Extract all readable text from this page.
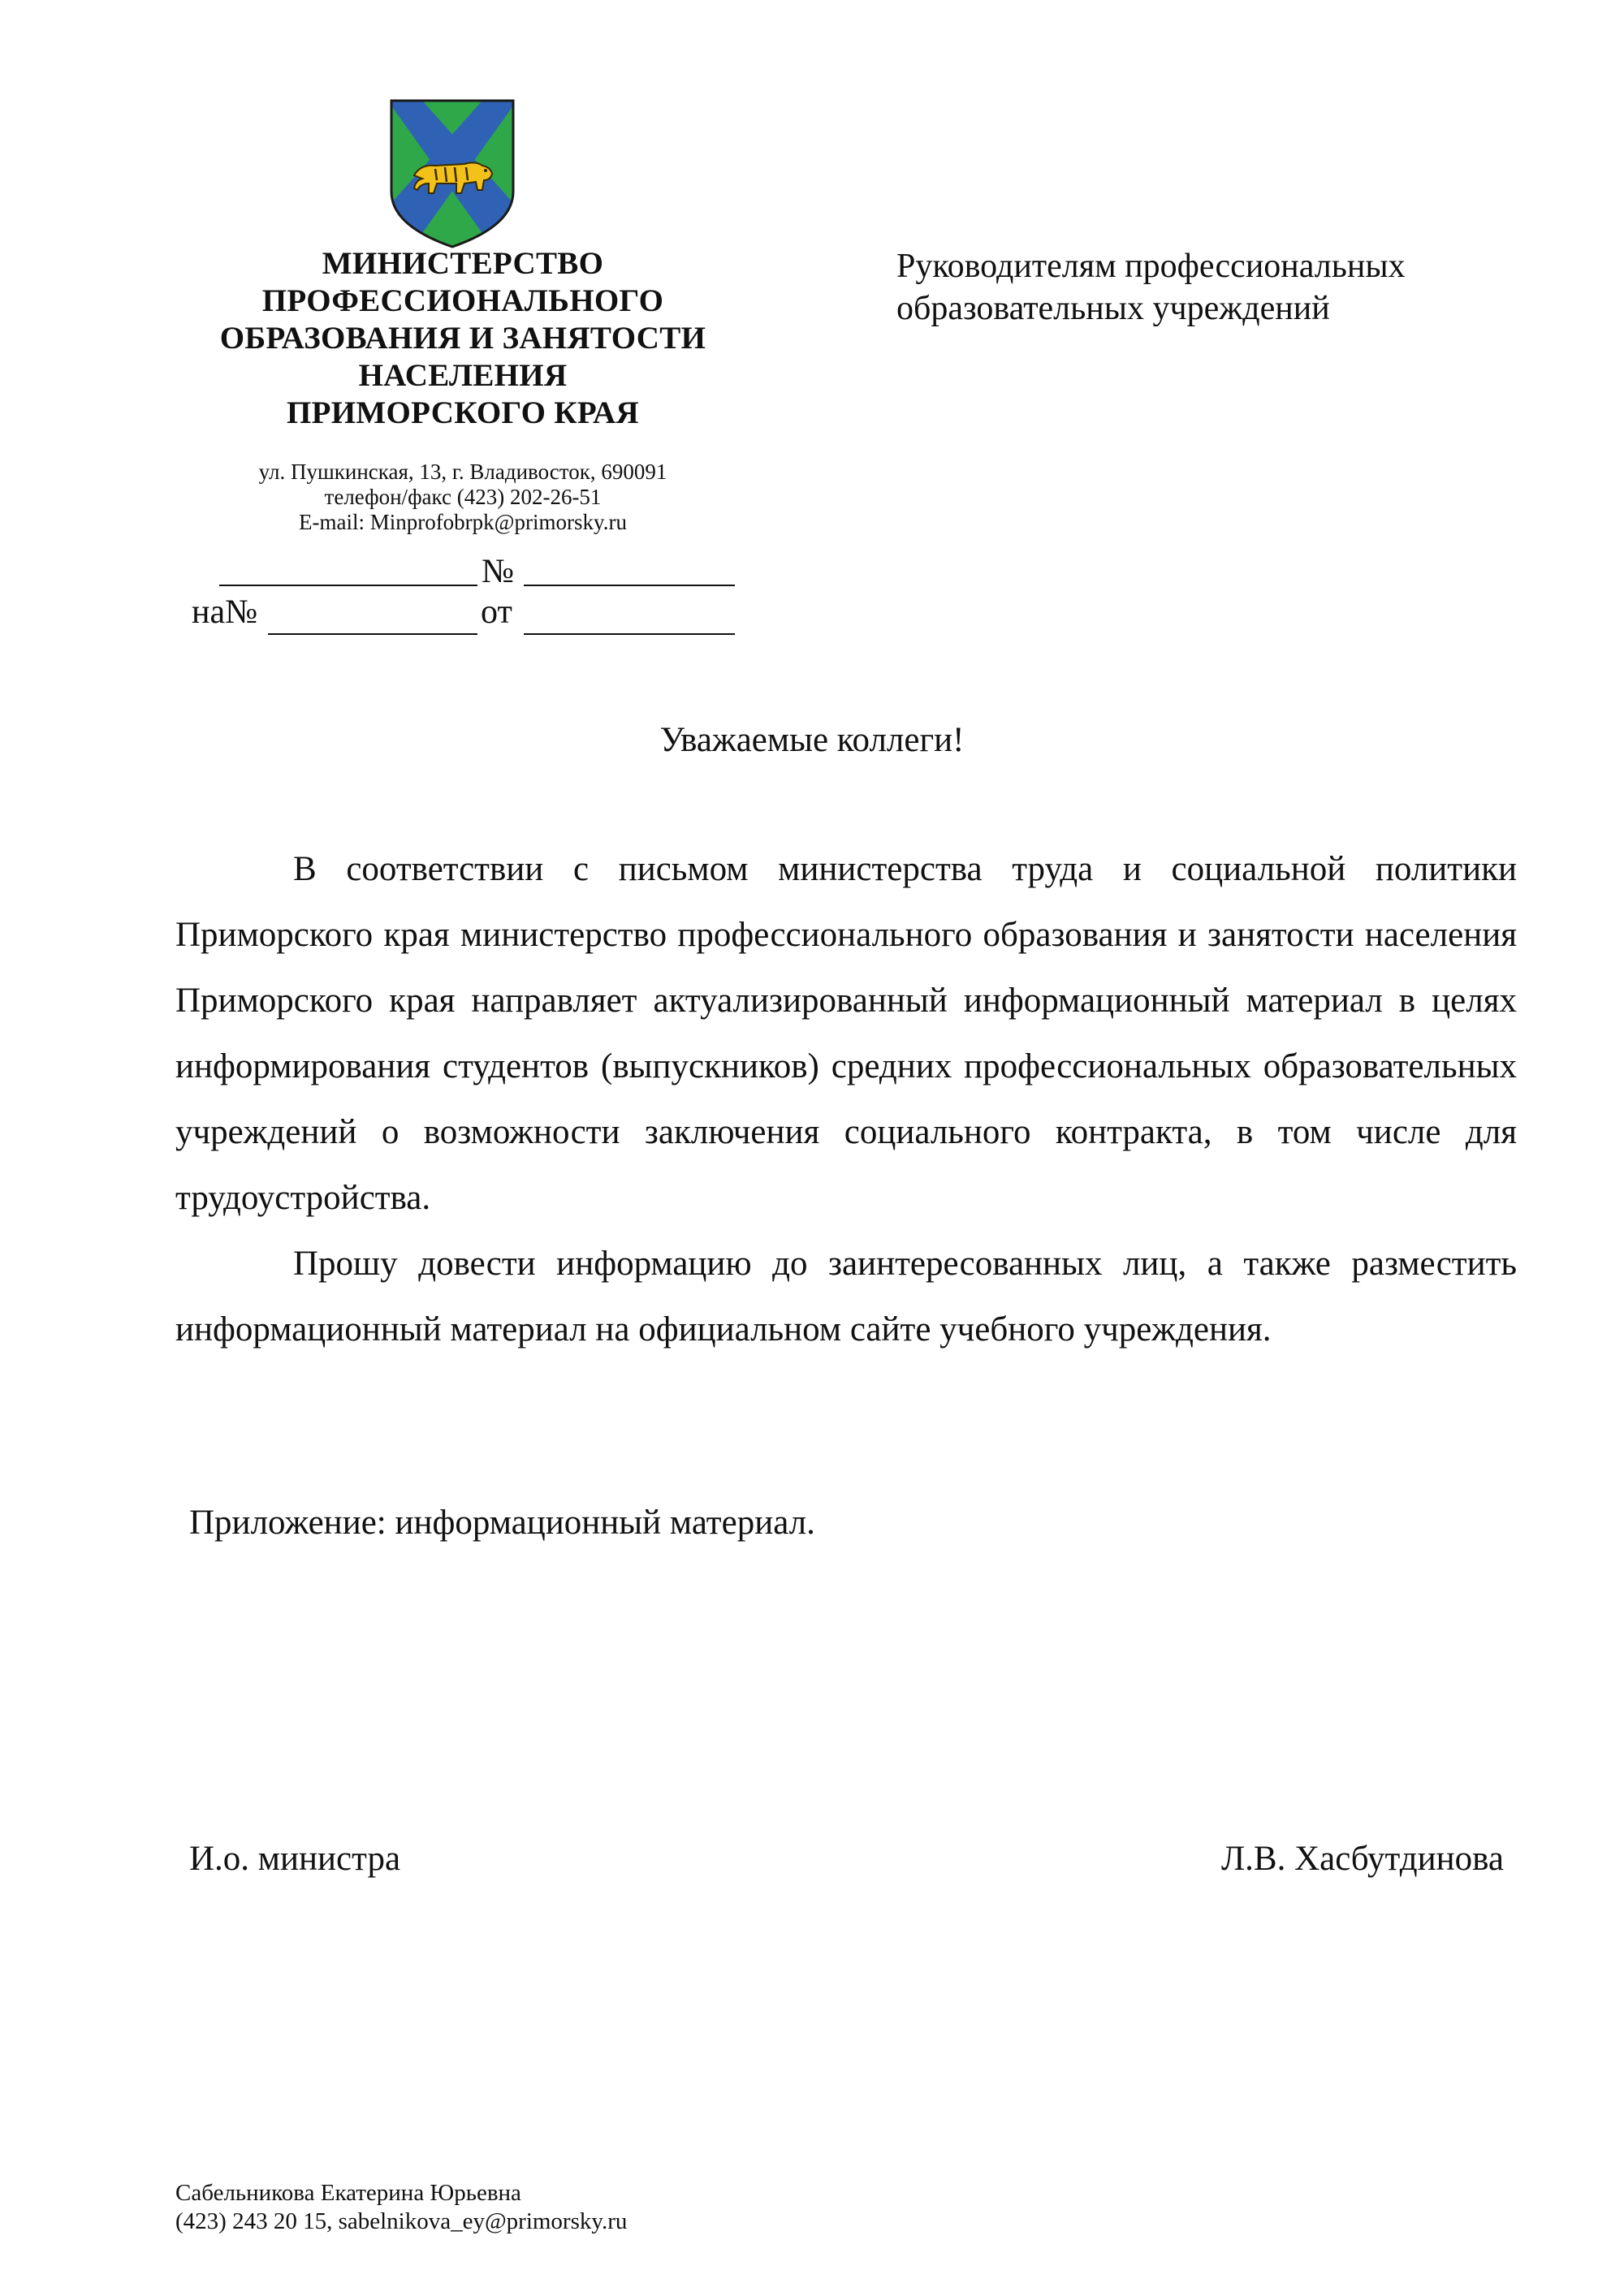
МИНИСТЕРСТВО
ПРОФЕССИОНАЛЬНОГО
ОБРАЗОВАНИЯ И ЗАНЯТОСТИ
НАСЕЛЕНИЯ
ПРИМОРСКОГО КРАЯ
ул. Пушкинская, 13, г. Владивосток, 690091
телефон/факс (423) 202-26-51
E-mail: Minprofobrpk@primorsky.ru
№
на№	от
Руководителям профессиональных
образовательных учреждений
Уважаемые коллеги!

В соответствии с письмом министерства труда и социальной политики Приморского края министерство профессионального образования и занятости населения Приморского края направляет актуализированный информационный материал в целях информирования студентов (выпускников) средних профессиональных образовательных учреждений о возможности заключения социального контракта, в том числе для трудоустройства.

Прошу довести информацию до заинтересованных лиц, а также разместить информационный материал на официальном сайте учебного учреждения.

Приложение: информационный материал.
И.о. министра	Л.В. Хасбутдинова
Сабельникова Екатерина Юрьевна
(423) 243 20 15, sabelnikova_ey@primorsky.ru
